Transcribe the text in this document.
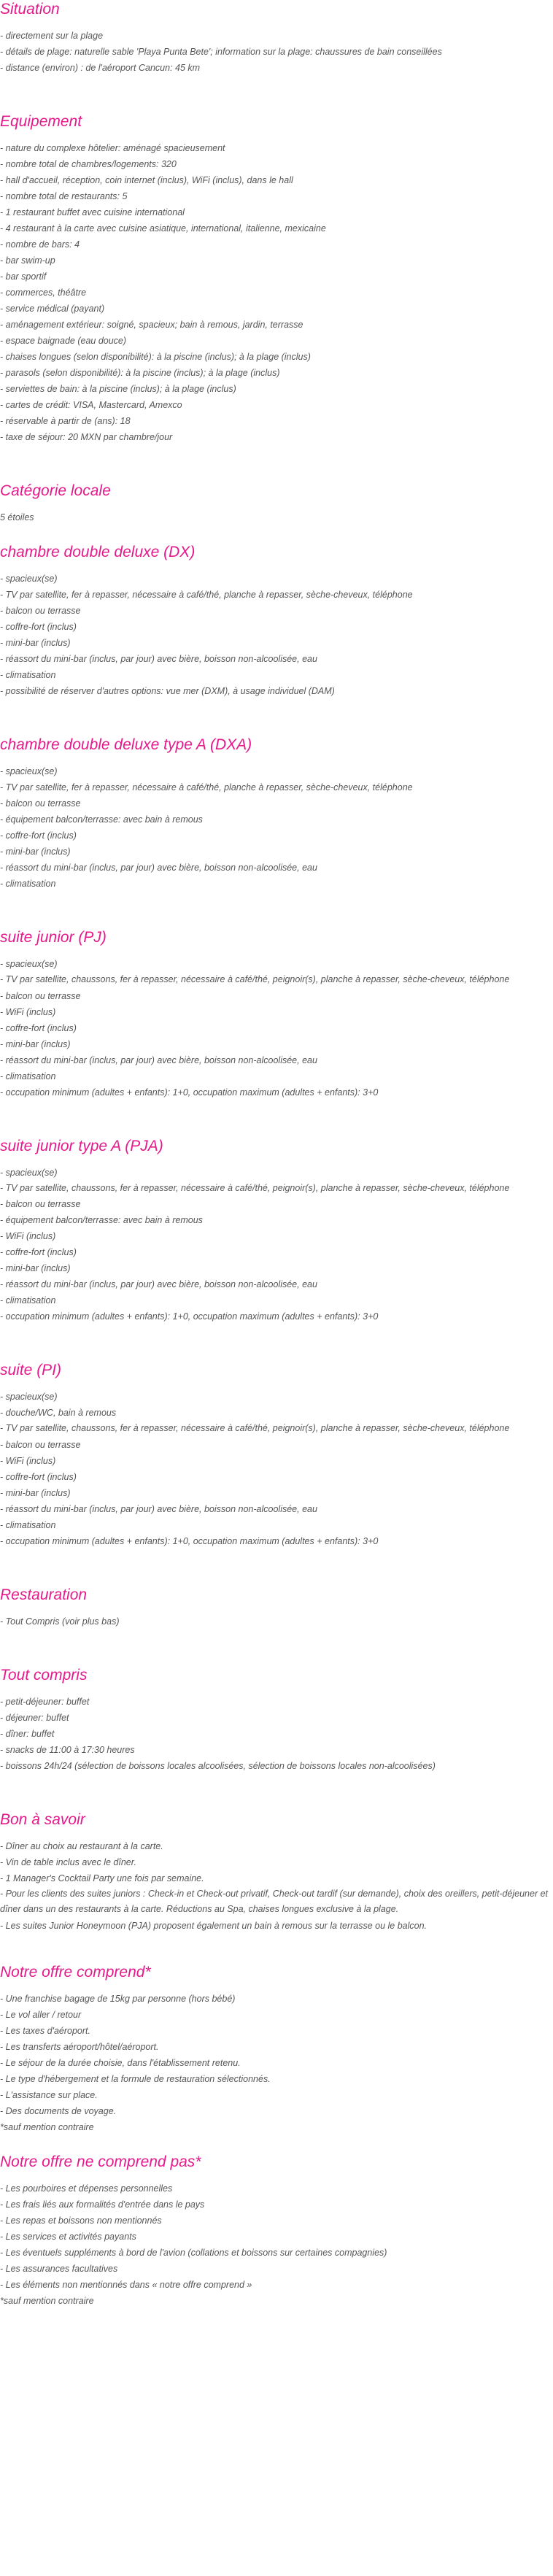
Situation

- directement sur la plage

- détails de plage: naturelle sable 'Playa Punta Bete'; information sur la plage: chaussures de bain conseillées

- distance (environ) : de l'aéroport Cancun: 45 km

Equipement

- nature du complexe hôtelier: aménagé spacieusement

- nombre total de chambres/logements: 320

- hall d'accueil, réception, coin internet (inclus), WiFi (inclus), dans le hall

- nombre total de restaurants: 5

- 1 restaurant buffet avec cuisine international

- 4 restaurant à la carte avec cuisine asiatique, international, italienne, mexicaine

- nombre de bars: 4

- bar swim-up

- bar sportif

- commerces, théâtre

- service médical (payant)

- aménagement extérieur: soigné, spacieux; bain à remous, jardin, terrasse

- espace baignade (eau douce)

- chaises longues (selon disponibilité): à la piscine (inclus); à la plage (inclus)

- parasols (selon disponibilité): à la piscine (inclus); à la plage (inclus)

- serviettes de bain: à la piscine (inclus); à la plage (inclus)

- cartes de crédit: VISA, Mastercard, Amexco

- réservable à partir de (ans): 18

- taxe de séjour: 20 MXN par chambre/jour

Catégorie locale

5 étoiles

chambre double deluxe (DX)

- spacieux(se)

- TV par satellite, fer à repasser, nécessaire à café/thé, planche à repasser, sèche-cheveux, téléphone

- balcon ou terrasse

- coffre-fort (inclus)

- mini-bar (inclus)

- réassort du mini-bar (inclus, par jour) avec bière, boisson non-alcoolisée, eau

- climatisation

- possibilité de réserver d'autres options: vue mer (DXM), à usage individuel (DAM)

chambre double deluxe type A (DXA)

- spacieux(se)

- TV par satellite, fer à repasser, nécessaire à café/thé, planche à repasser, sèche-cheveux, téléphone

- balcon ou terrasse

- équipement balcon/terrasse: avec bain à remous

- coffre-fort (inclus)

- mini-bar (inclus)

- réassort du mini-bar (inclus, par jour) avec bière, boisson non-alcoolisée, eau

- climatisation

suite junior (PJ)

- spacieux(se)

- TV par satellite, chaussons, fer à repasser, nécessaire à café/thé, peignoir(s), planche à repasser, sèche-cheveux, téléphone

- balcon ou terrasse

- WiFi (inclus)

- coffre-fort (inclus)

- mini-bar (inclus)

- réassort du mini-bar (inclus, par jour) avec bière, boisson non-alcoolisée, eau

- climatisation

- occupation minimum (adultes + enfants): 1+0, occupation maximum (adultes + enfants): 3+0

suite junior type A (PJA)

- spacieux(se)

- TV par satellite, chaussons, fer à repasser, nécessaire à café/thé, peignoir(s), planche à repasser, sèche-cheveux, téléphone

- balcon ou terrasse

- équipement balcon/terrasse: avec bain à remous

- WiFi (inclus)

- coffre-fort (inclus)

- mini-bar (inclus)

- réassort du mini-bar (inclus, par jour) avec bière, boisson non-alcoolisée, eau

- climatisation

- occupation minimum (adultes + enfants): 1+0, occupation maximum (adultes + enfants): 3+0

suite (PI)

- spacieux(se)

- douche/WC, bain à remous

- TV par satellite, chaussons, fer à repasser, nécessaire à café/thé, peignoir(s), planche à repasser, sèche-cheveux, téléphone

- balcon ou terrasse

- WiFi (inclus)

- coffre-fort (inclus)

- mini-bar (inclus)

- réassort du mini-bar (inclus, par jour) avec bière, boisson non-alcoolisée, eau

- climatisation

- occupation minimum (adultes + enfants): 1+0, occupation maximum (adultes + enfants): 3+0

Restauration

- Tout Compris (voir plus bas)

Tout compris

- petit-déjeuner: buffet

- déjeuner: buffet

- dîner: buffet

- snacks de 11:00 à 17:30 heures

- boissons 24h/24 (sélection de boissons locales alcoolisées, sélection de boissons locales non-alcoolisées)

Bon à savoir

- Dîner au choix au restaurant à la carte.

- Vin de table inclus avec le dîner.

- 1 Manager's Cocktail Party une fois par semaine.

- Pour les clients des suites juniors : Check-in et Check-out privatif, Check-out tardif (sur demande), choix des oreillers, petit-déjeuner et dîner dans un des restaurants à la carte. Réductions au Spa, chaises longues exclusive à la plage.

- Les suites Junior Honeymoon (PJA) proposent également un bain à remous sur la terrasse ou le balcon.

Notre offre comprend*

- Une franchise bagage de 15kg par personne (hors bébé)

- Le vol aller / retour

- Les taxes d'aéroport.

- Les transferts aéroport/hôtel/aéroport.

- Le séjour de la durée choisie, dans l'établissement retenu.

- Le type d'hébergement et la formule de restauration sélectionnés.

- L'assistance sur place.

- Des documents de voyage.

*sauf mention contraire

Notre offre ne comprend pas*

- Les pourboires et dépenses personnelles

- Les frais liés aux formalités d'entrée dans le pays

- Les repas et boissons non mentionnés

- Les services et activités payants

- Les éventuels suppléments à bord de l'avion (collations et boissons sur certaines compagnies)

- Les assurances facultatives

- Les éléments non mentionnés dans « notre offre comprend »

*sauf mention contraire
